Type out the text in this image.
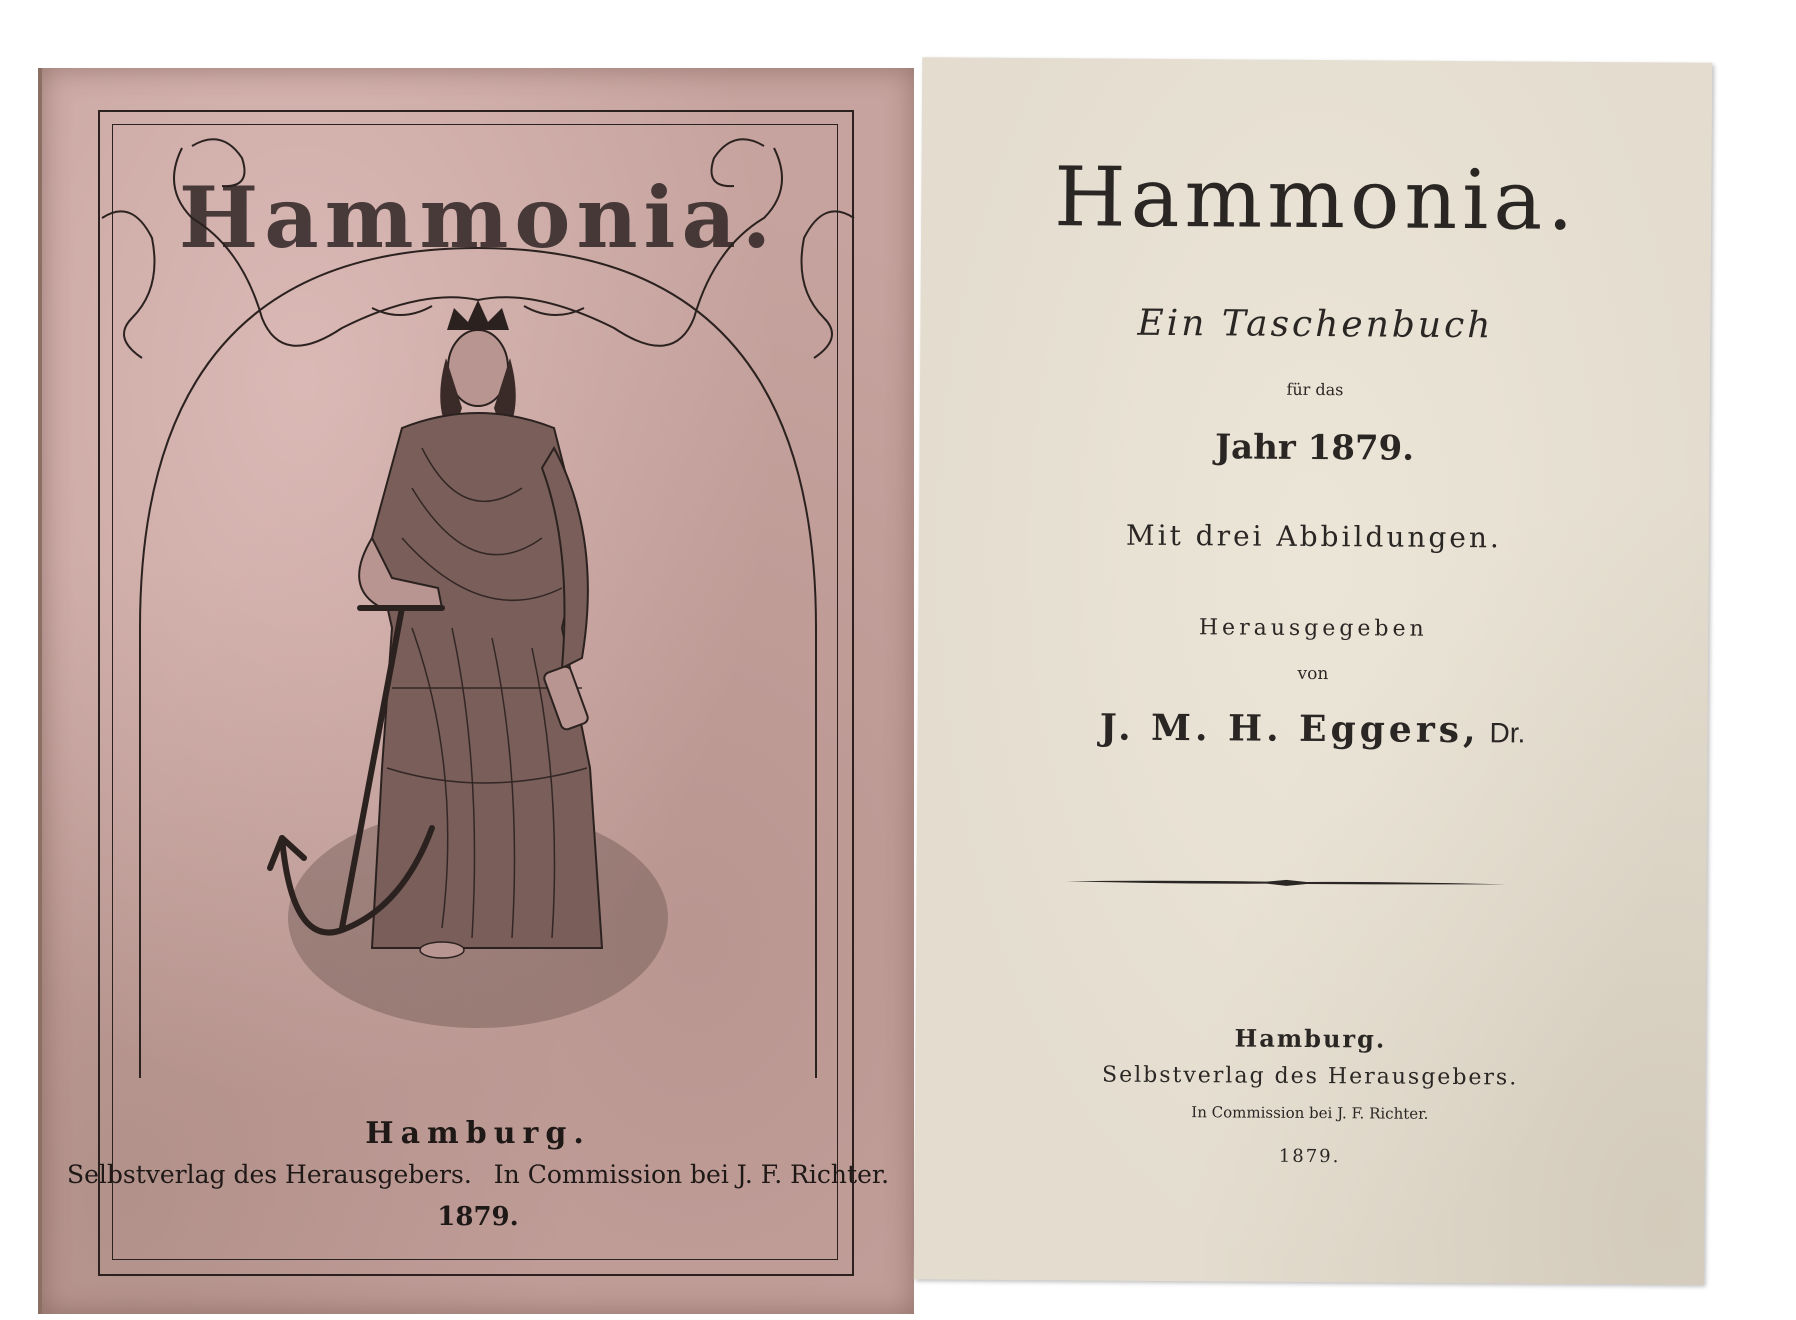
Hammonia.
Hamburg.
Selbstverlag des Herausgebers. In Commission bei J. F. Richter.
1879.
Hammonia.
Ein Taschenbuch
für das
Jahr 1879.
Mit drei Abbildungen.
Herausgegeben
von
J. M. H. Eggers, Dr.
Hamburg.
Selbstverlag des Herausgebers.
In Commission bei J. F. Richter.
1879.
